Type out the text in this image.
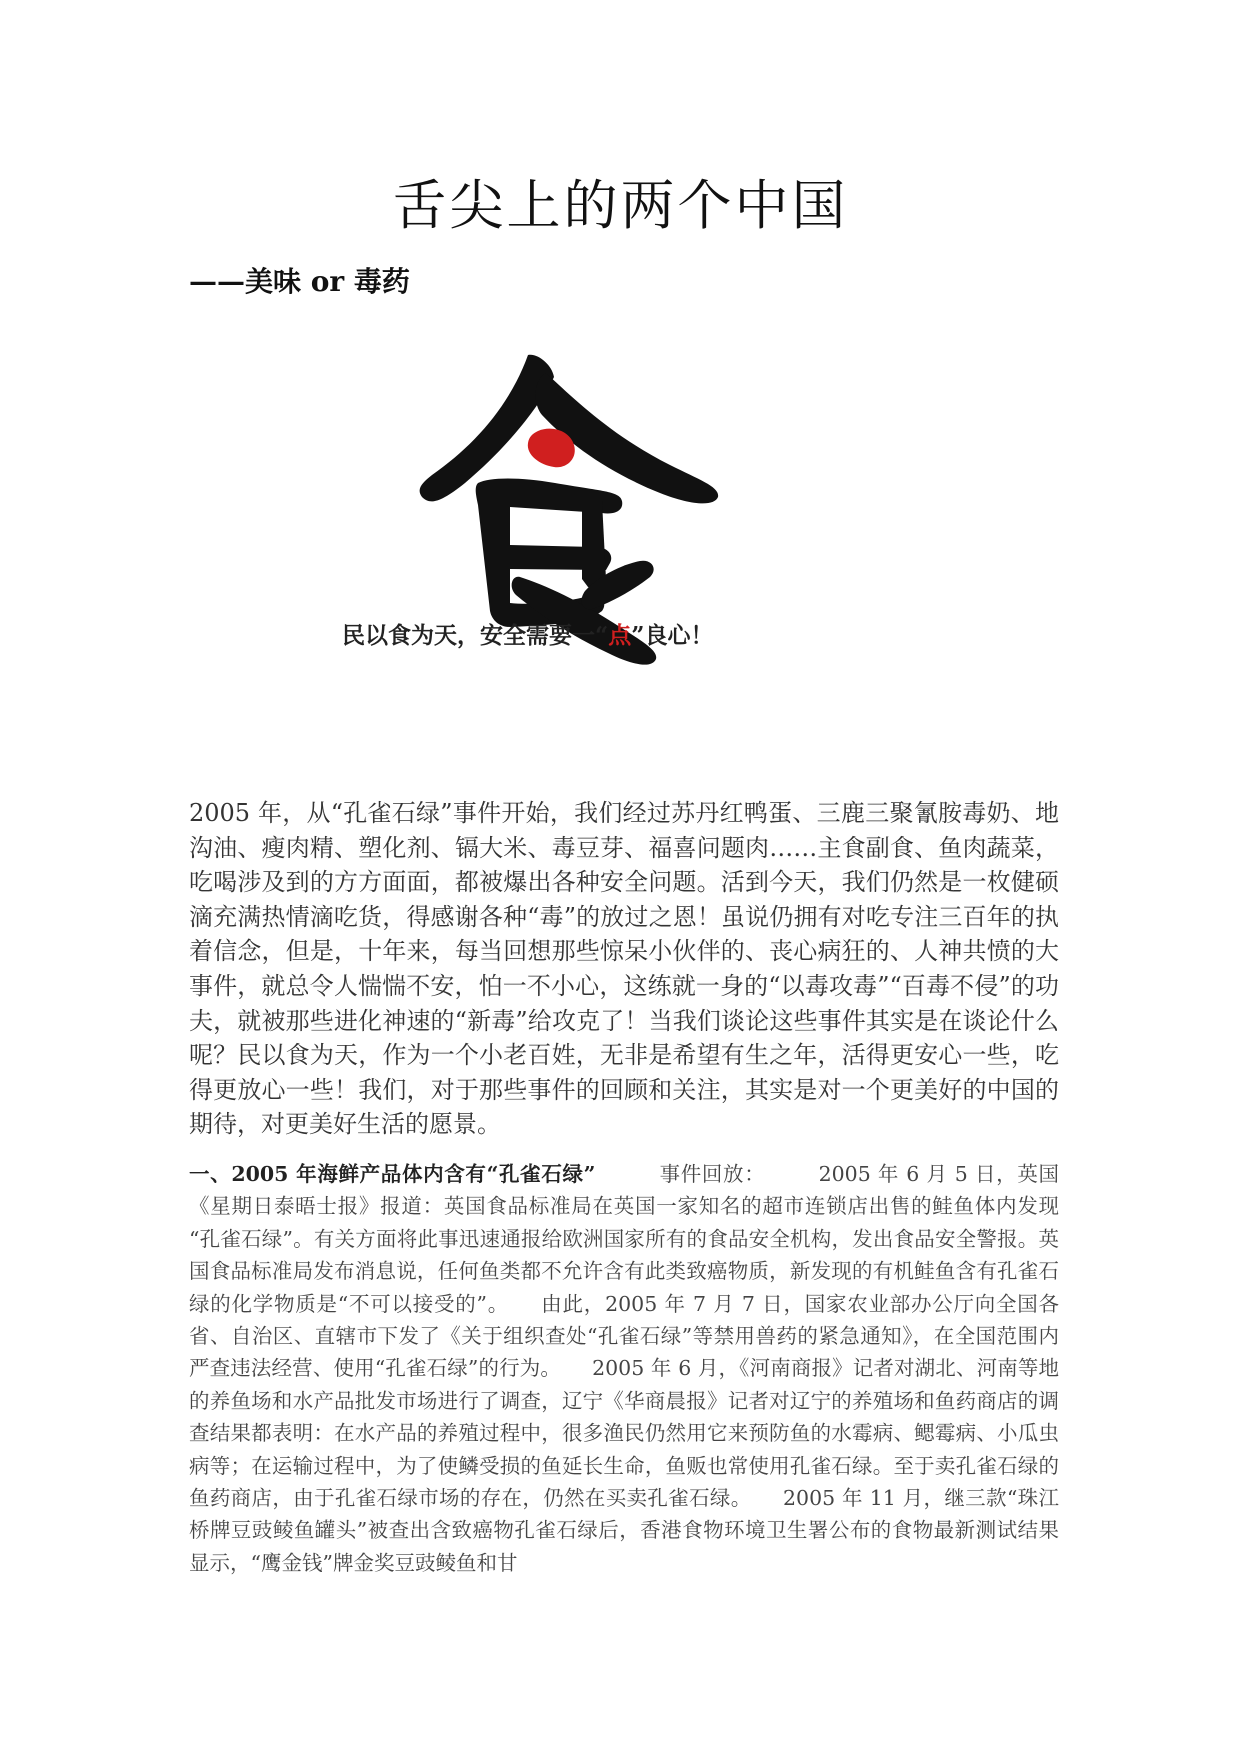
舌尖上的两个中国
——美味 or 毒药
民以食为天，安全需要一“点”良心！

2005 年，从“孔雀石绿”事件开始，我们经过苏丹红鸭蛋、三鹿三聚氰胺毒奶、地沟油、瘦肉精、塑化剂、镉大米、毒豆芽、福喜问题肉……主食副食、鱼肉蔬菜，吃喝涉及到的方方面面，都被爆出各种安全问题。活到今天，我们仍然是一枚健硕滴充满热情滴吃货，得感谢各种“毒”的放过之恩！虽说仍拥有对吃专注三百年的执着信念，但是，十年来，每当回想那些惊呆小伙伴的、丧心病狂的、人神共愤的大事件，就总令人惴惴不安，怕一不小心，这练就一身的“以毒攻毒”“百毒不侵”的功夫，就被那些进化神速的“新毒”给攻克了！当我们谈论这些事件其实是在谈论什么呢？民以食为天，作为一个小老百姓，无非是希望有生之年，活得更安心一些，吃得更放心一些！我们，对于那些事件的回顾和关注，其实是对一个更美好的中国的期待，对更美好生活的愿景。

一、2005 年海鲜产品体内含有“孔雀石绿”　　　事件回放：　　　2005 年 6 月 5 日，英国《星期日泰晤士报》报道：英国食品标准局在英国一家知名的超市连锁店出售的鲑鱼体内发现 “孔雀石绿”。有关方面将此事迅速通报给欧洲国家所有的食品安全机构，发出食品安全警报。英国食品标准局发布消息说，任何鱼类都不允许含有此类致癌物质，新发现的有机鲑鱼含有孔雀石绿的化学物质是“不可以接受的”。　　由此，2005 年 7 月 7 日，国家农业部办公厅向全国各省、自治区、直辖市下发了《关于组织查处“孔雀石绿”等禁用兽药的紧急通知》，在全国范围内严查违法经营、使用“孔雀石绿”的行为。　　2005 年 6 月，《河南商报》记者对湖北、河南等地的养鱼场和水产品批发市场进行了调查，辽宁《华商晨报》记者对辽宁的养殖场和鱼药商店的调查结果都表明：在水产品的养殖过程中，很多渔民仍然用它来预防鱼的水霉病、鳃霉病、小瓜虫病等；在运输过程中，为了使鳞受损的鱼延长生命，鱼贩也常使用孔雀石绿。至于卖孔雀石绿的鱼药商店，由于孔雀石绿市场的存在，仍然在买卖孔雀石绿。　　2005 年 11 月，继三款“珠江桥牌豆豉鲮鱼罐头”被查出含致癌物孔雀石绿后，香港食物环境卫生署公布的食物最新测试结果显示，“鹰金钱”牌金奖豆豉鲮鱼和甘
